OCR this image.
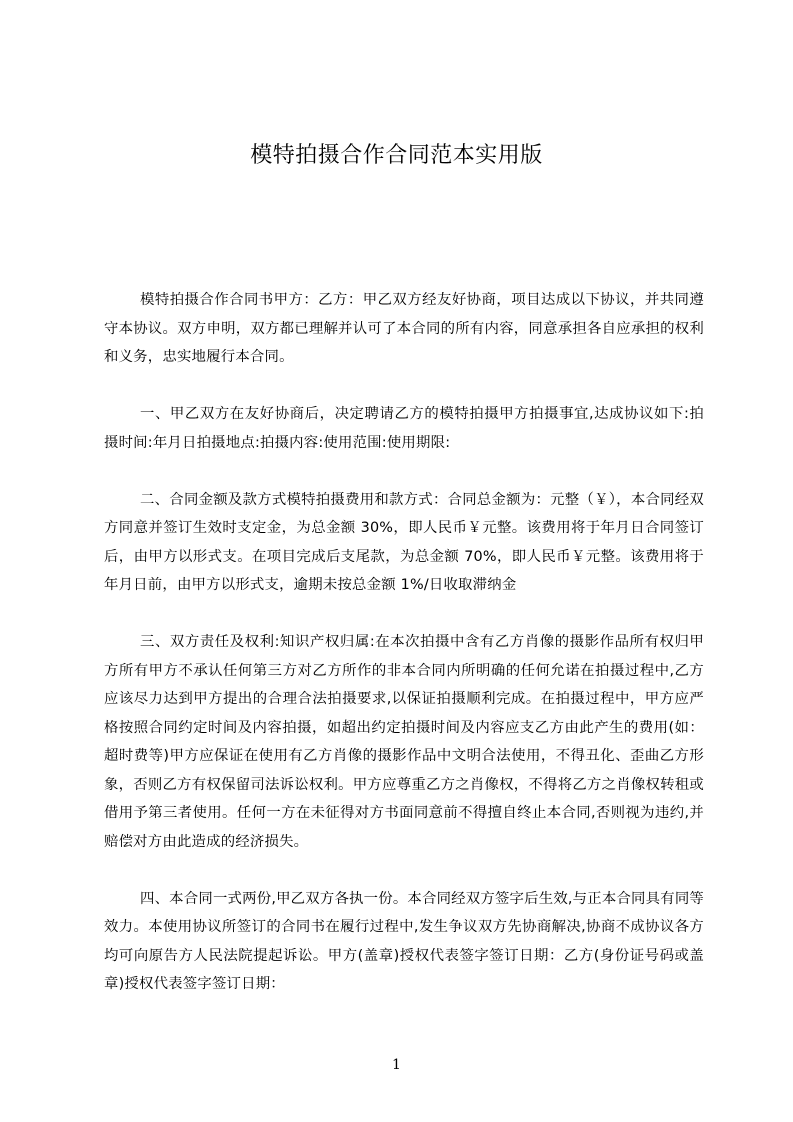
模特拍摄合作合同范本实用版

模特拍摄合作合同书甲方：乙方：甲乙双方经友好协商，项目达成以下协议，并共同遵守本协议。双方申明，双方都已理解并认可了本合同的所有内容，同意承担各自应承担的权利和义务，忠实地履行本合同。

一、甲乙双方在友好协商后，决定聘请乙方的模特拍摄甲方拍摄事宜,达成协议如下:拍摄时间:年月日拍摄地点:拍摄内容:使用范围:使用期限:

二、合同金额及款方式模特拍摄费用和款方式：合同总金额为：元整（￥），本合同经双方同意并签订生效时支定金，为总金额 30%，即人民币￥元整。该费用将于年月日合同签订后，由甲方以形式支。在项目完成后支尾款，为总金额 70%，即人民币￥元整。该费用将于年月日前，由甲方以形式支，逾期未按总金额 1%/日收取滞纳金

三、双方责任及权利:知识产权归属:在本次拍摄中含有乙方肖像的摄影作品所有权归甲方所有甲方不承认任何第三方对乙方所作的非本合同内所明确的任何允诺在拍摄过程中,乙方应该尽力达到甲方提出的合理合法拍摄要求,以保证拍摄顺利完成。在拍摄过程中，甲方应严格按照合同约定时间及内容拍摄，如超出约定拍摄时间及内容应支乙方由此产生的费用(如：超时费等)甲方应保证在使用有乙方肖像的摄影作品中文明合法使用，不得丑化、歪曲乙方形象，否则乙方有权保留司法诉讼权利。甲方应尊重乙方之肖像权，不得将乙方之肖像权转租或借用予第三者使用。任何一方在未征得对方书面同意前不得擅自终止本合同,否则视为违约,并赔偿对方由此造成的经济损失。

四、本合同一式两份,甲乙双方各执一份。本合同经双方签字后生效,与正本合同具有同等效力。本使用协议所签订的合同书在履行过程中,发生争议双方先协商解决,协商不成协议各方均可向原告方人民法院提起诉讼。甲方(盖章)授权代表签字签订日期：乙方(身份证号码或盖章)授权代表签字签订日期：

1
